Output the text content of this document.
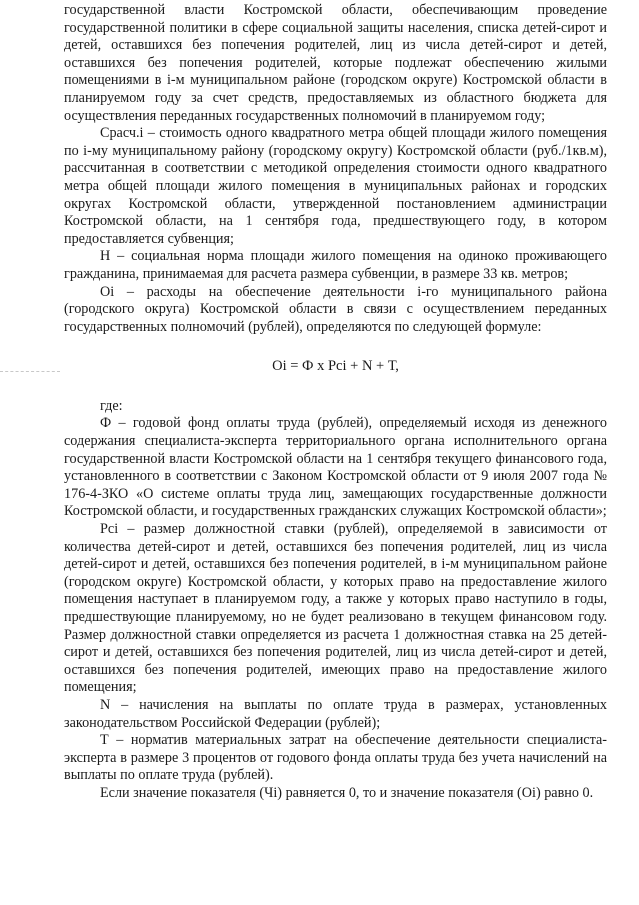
государственной власти Костромской области, обеспечивающим проведение государственной политики в сфере социальной защиты населения, списка детей-сирот и детей, оставшихся без попечения родителей, лиц из числа детей-сирот и детей, оставшихся без попечения родителей, которые подлежат обеспечению жилыми помещениями в i-м муниципальном районе (городском округе) Костромской области в планируемом году за счет средств, предоставляемых из областного бюджета для осуществления переданных государственных полномочий в планируемом году;

Срасч.i – стоимость одного квадратного метра общей площади жилого помещения по i-му муниципальному району (городскому округу) Костромской области (руб./1кв.м), рассчитанная в соответствии с методикой определения стоимости одного квадратного метра общей площади жилого помещения в муниципальных районах и городских округах Костромской области, утвержденной постановлением администрации Костромской области, на 1 сентября года, предшествующего году, в котором предоставляется субвенция;

Н – социальная норма площади жилого помещения на одиноко проживающего гражданина, принимаемая для расчета размера субвенции, в размере 33 кв. метров;

Оi – расходы на обеспечение деятельности i-го муниципального района (городского округа) Костромской области в связи с осуществлением переданных государственных полномочий (рублей), определяются по следующей формуле:

Оi = Ф х Рсi + N + Т,

где:

Ф – годовой фонд оплаты труда (рублей), определяемый исходя из денежного содержания специалиста-эксперта территориального органа исполнительного органа государственной власти Костромской области на 1 сентября текущего финансового года, установленного в соответствии с Законом Костромской области от 9 июля 2007 года № 176-4-ЗКО «О системе оплаты труда лиц, замещающих государственные должности Костромской области, и государственных гражданских служащих Костромской области»;

Рсi – размер должностной ставки (рублей), определяемой в зависимости от количества детей-сирот и детей, оставшихся без попечения родителей, лиц из числа детей-сирот и детей, оставшихся без попечения родителей, в i-м муниципальном районе (городском округе) Костромской области, у которых право на предоставление жилого помещения наступает в планируемом году, а также у которых право наступило в годы, предшествующие планируемому, но не будет реализовано в текущем финансовом году. Размер должностной ставки определяется из расчета 1 должностная ставка на 25 детей-сирот и детей, оставшихся без попечения родителей, лиц из числа детей-сирот и детей, оставшихся без попечения родителей, имеющих право на предоставление жилого помещения;

N – начисления на выплаты по оплате труда в размерах, установленных законодательством Российской Федерации (рублей);

Т – норматив материальных затрат на обеспечение деятельности специалиста-эксперта в размере 3 процентов от годового фонда оплаты труда без учета начислений на выплаты по оплате труда (рублей).

Если значение показателя (Чi) равняется 0, то и значение показателя (Оi) равно 0.
